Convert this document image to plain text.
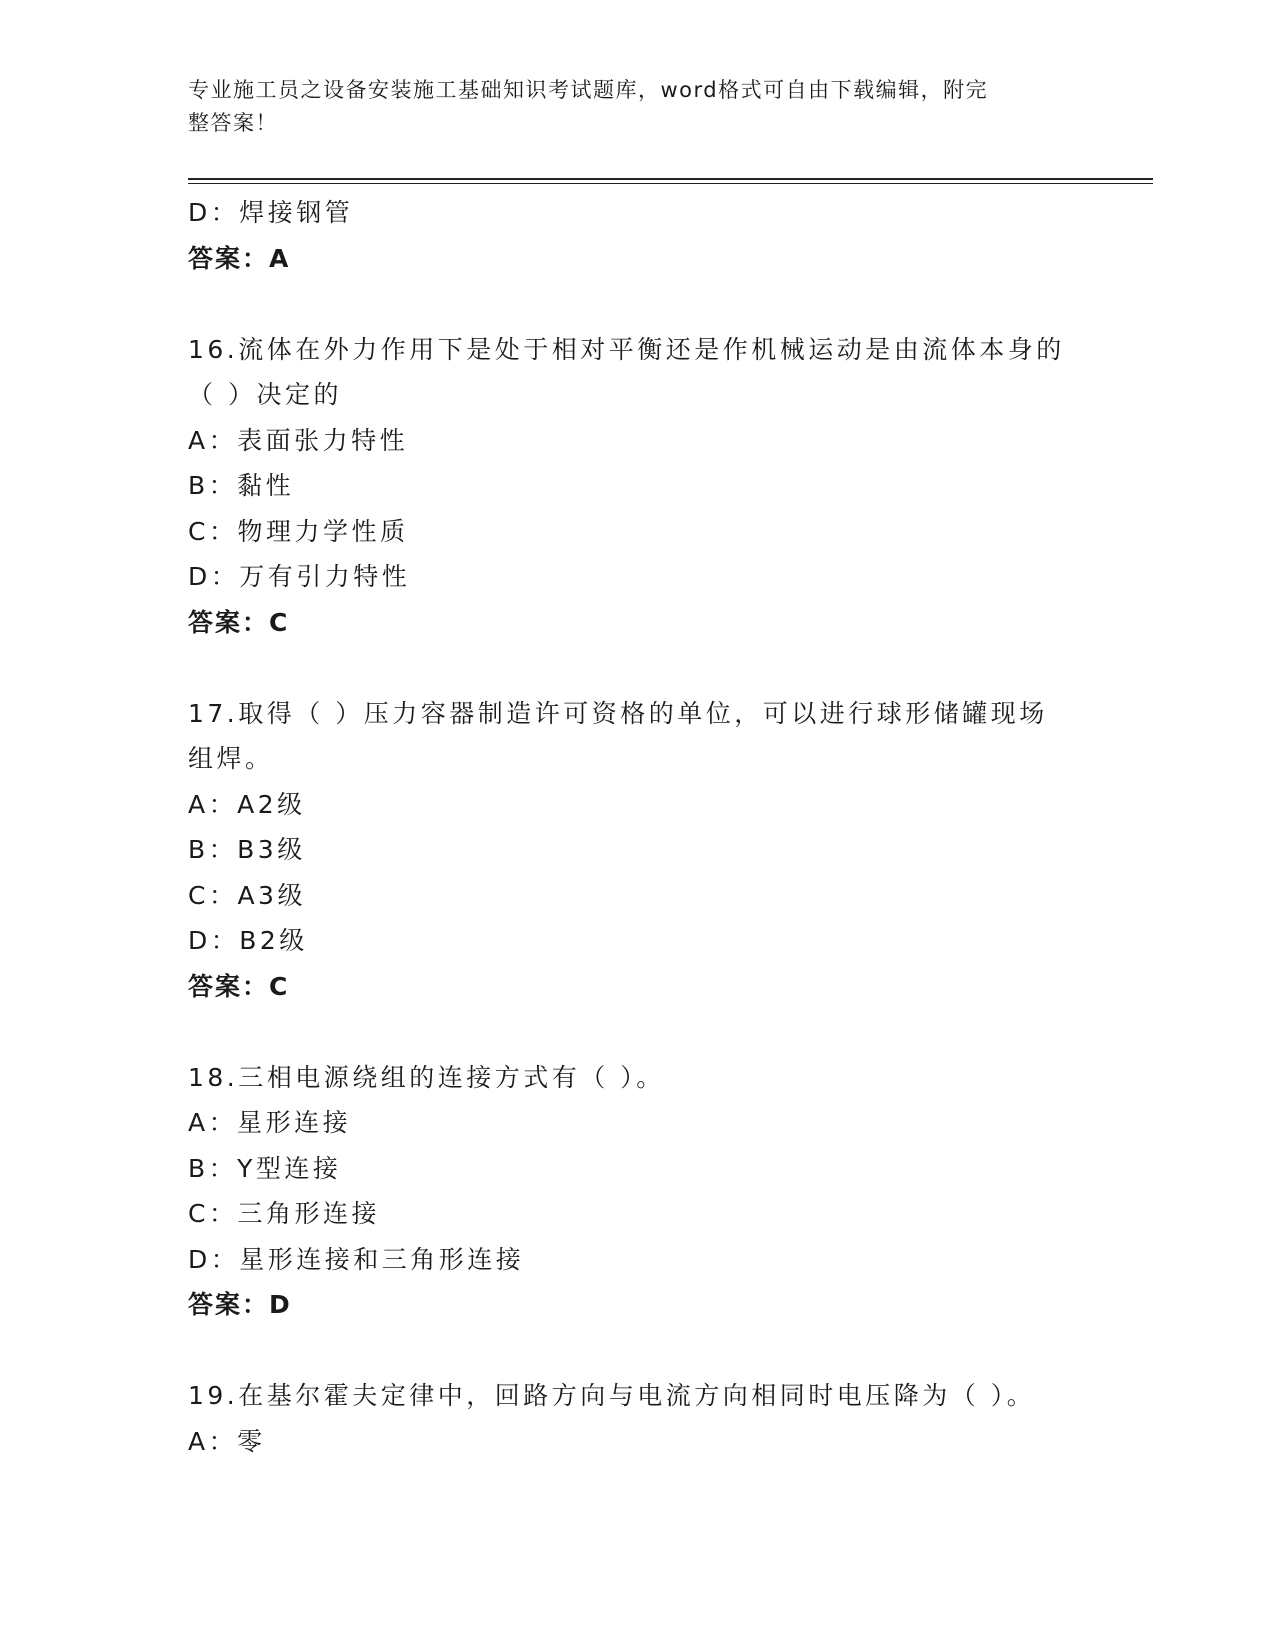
专业施工员之设备安装施工基础知识考试题库，word格式可自由下载编辑，附完
整答案！
D：焊接钢管
答案：A
16.流体在外力作用下是处于相对平衡还是作机械运动是由流体本身的
（ ）决定的
A：表面张力特性
B：黏性
C：物理力学性质
D：万有引力特性
答案：C
17.取得（ ）压力容器制造许可资格的单位，可以进行球形储罐现场
组焊。
A：A2级
B：B3级
C：A3级
D：B2级
答案：C
18.三相电源绕组的连接方式有（ ）。
A：星形连接
B：Y型连接
C：三角形连接
D：星形连接和三角形连接
答案：D
19.在基尔霍夫定律中，回路方向与电流方向相同时电压降为（ ）。
A：零
